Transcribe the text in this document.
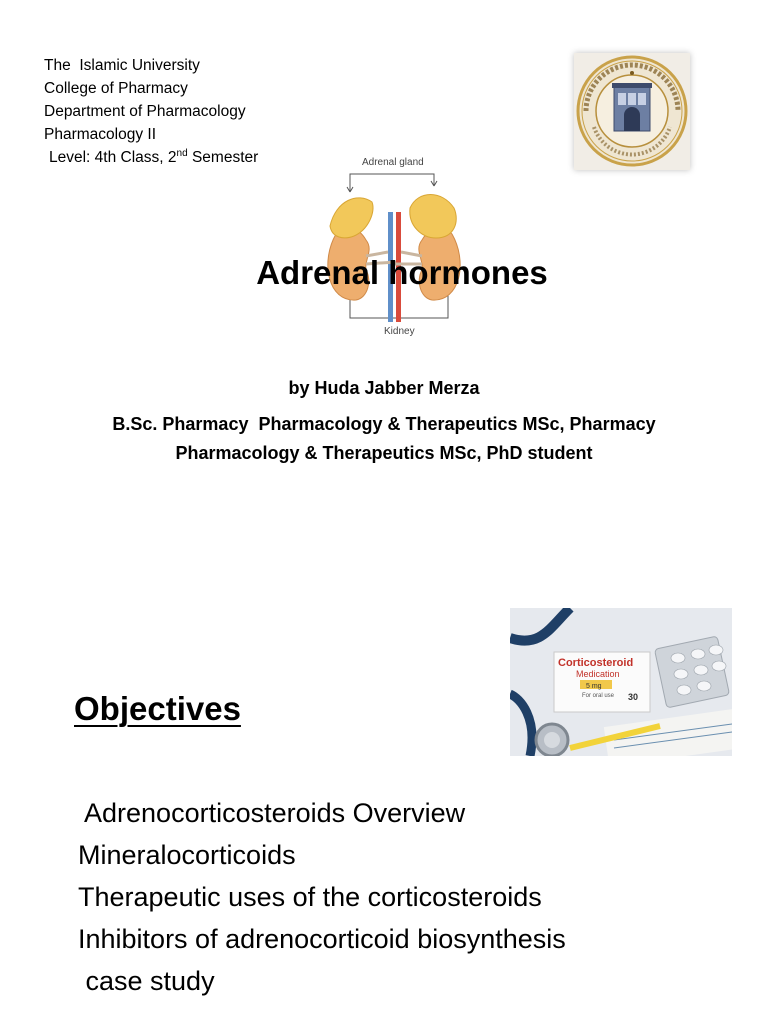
The  Islamic University
College of Pharmacy
Department of Pharmacology
Pharmacology II
Level: 4th Class, 2nd Semester	Adrenal gland
Kidney
Adrenal hormones
by Huda Jabber Merza
B.Sc. Pharmacy  Pharmacology & Therapeutics MSc, Pharmacy
Pharmacology & Therapeutics MSc, PhD student
Corticosteroid
Medication
5 mg
For oral use 30
Objectives
Adrenocorticosteroids Overview
Mineralocorticoids
Therapeutic uses of the corticosteroids
Inhibitors of adrenocorticoid biosynthesis
case study
